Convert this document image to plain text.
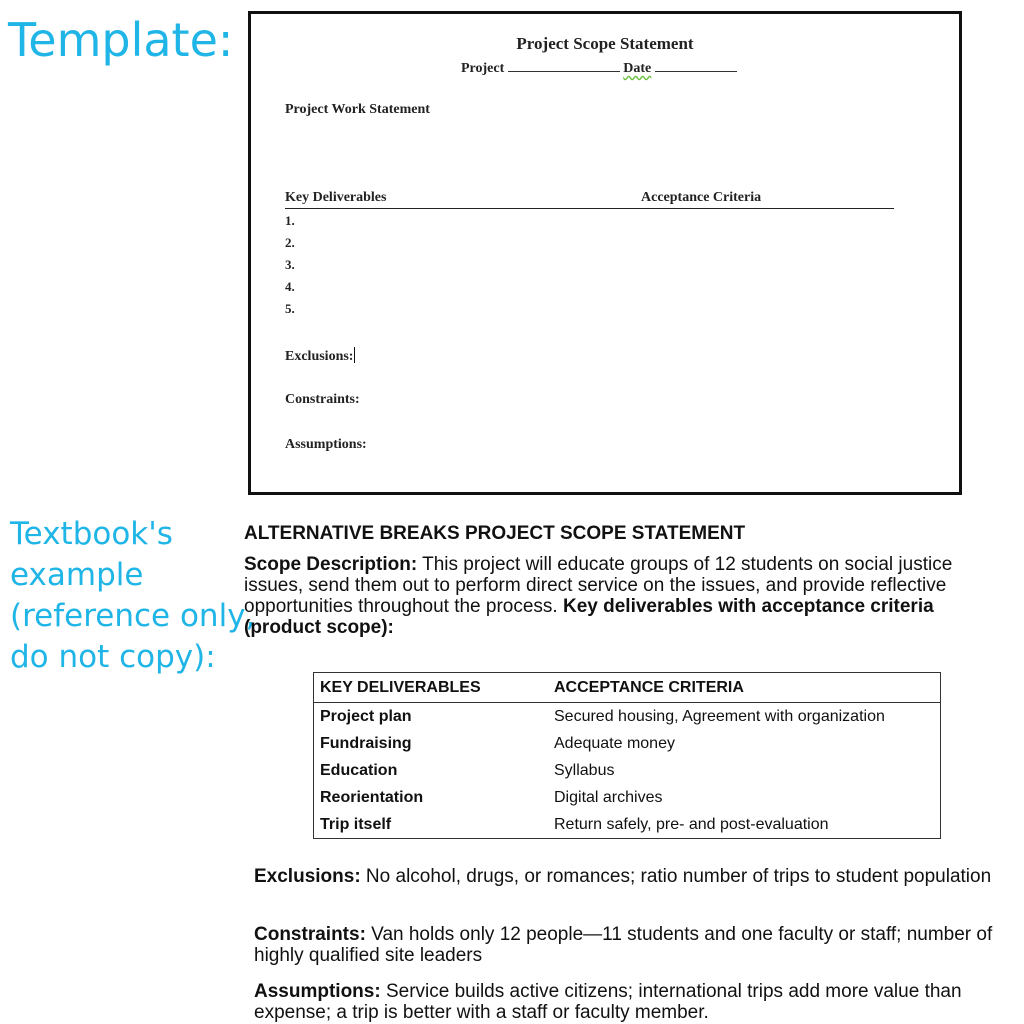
Template:
Textbook's example (reference only, do not copy):
Project Scope Statement
Project	Date
Project Work Statement
Key Deliverables	Acceptance Criteria
1.
2.
3.
4.
5.
Exclusions:
Constraints:
Assumptions:
ALTERNATIVE BREAKS PROJECT SCOPE STATEMENT
Scope Description: This project will educate groups of 12 students on social justice issues, send them out to perform direct service on the issues, and provide reflective opportunities throughout the process. Key deliverables with acceptance criteria (product scope):
KEY DELIVERABLES	ACCEPTANCE CRITERIA
Project plan	Secured housing, Agreement with organization
Fundraising	Adequate money
Education	Syllabus
Reorientation	Digital archives
Trip itself	Return safely, pre- and post-evaluation
Exclusions: No alcohol, drugs, or romances; ratio number of trips to student population
Constraints: Van holds only 12 people—11 students and one faculty or staff; number of highly qualified site leaders
Assumptions: Service builds active citizens; international trips add more value than expense; a trip is better with a staff or faculty member.
